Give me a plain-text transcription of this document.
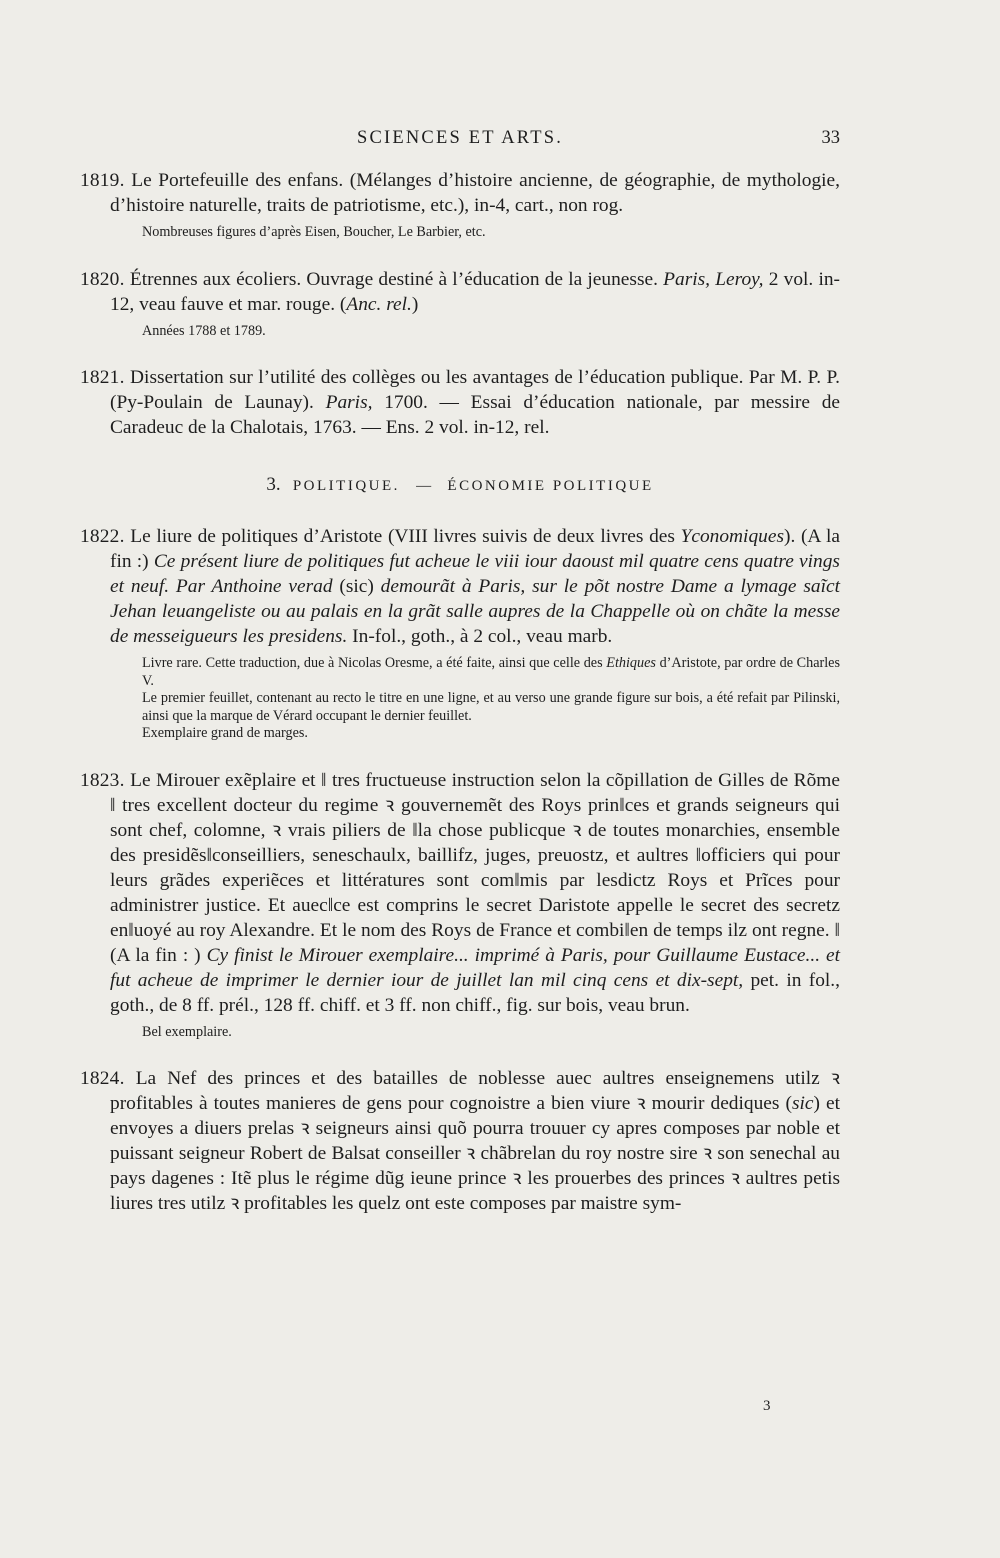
SCIENCES ET ARTS.	33

1819. Le Portefeuille des enfans. (Mélanges d’histoire ancienne, de géographie, de mythologie, d’histoire naturelle, traits de patriotisme, etc.), in-4, cart., non rog.

Nombreuses figures d’après Eisen, Boucher, Le Barbier, etc.

1820. Étrennes aux écoliers. Ouvrage destiné à l’éducation de la jeunesse. Paris, Leroy, 2 vol. in-12, veau fauve et mar. rouge. (Anc. rel.)

Années 1788 et 1789.

1821. Dissertation sur l’utilité des collèges ou les avantages de l’éducation publique. Par M. P. P. (Py-Poulain de Launay). Paris, 1700. — Essai d’éducation nationale, par messire de Caradeuc de la Chalotais, 1763. — Ens. 2 vol. in-12, rel.

3. POLITIQUE. — ÉCONOMIE POLITIQUE

1822. Le liure de politiques d’Aristote (VIII livres suivis de deux livres des Yconomiques). (A la fin :) Ce présent liure de politiques fut acheue le viii iour daoust mil quatre cens quatre vings et neuf. Par Anthoine verad (sic) demourãt à Paris, sur le põt nostre Dame a lymage saĩct Jehan leuangeliste ou au palais en la grãt salle aupres de la Chappelle où on chãte la messe de messeigueurs les presidens. In-fol., goth., à 2 col., veau marb.

Livre rare. Cette traduction, due à Nicolas Oresme, a été faite, ainsi que celle des Ethiques d’Aristote, par ordre de Charles V.

Le premier feuillet, contenant au recto le titre en une ligne, et au verso une grande figure sur bois, a été refait par Pilinski, ainsi que la marque de Vérard occupant le dernier feuillet.

Exemplaire grand de marges.

1823. Le Mirouer exẽplaire et ‖ tres fructueuse instruction selon la cõpillation de Gilles de Rõme ‖ tres excellent docteur du regime ꝛ gouvernemẽt des Roys prin‖ces et grands seigneurs qui sont chef, colomne, ꝛ vrais piliers de ‖la chose publicque ꝛ de toutes monarchies, ensemble des presidẽs‖conseilliers, seneschaulx, baillifz, juges, preuostz, et aultres ‖officiers qui pour leurs grãdes experiẽces et littératures sont com‖mis par lesdictz Roys et Prĩces pour administrer justice. Et auec‖ce est comprins le secret Daristote appelle le secret des secretz en‖uoyé au roy Alexandre. Et le nom des Roys de France et combi‖en de temps ilz ont regne. ‖ (A la fin : ) Cy finist le Mirouer exemplaire... imprimé à Paris, pour Guillaume Eustace... et fut acheue de imprimer le dernier iour de juillet lan mil cinq cens et dix-sept, pet. in fol., goth., de 8 ff. prél., 128 ff. chiff. et 3 ff. non chiff., fig. sur bois, veau brun.

Bel exemplaire.

1824. La Nef des princes et des batailles de noblesse auec aultres enseignemens utilz ꝛ profitables à toutes manieres de gens pour cognoistre a bien viure ꝛ mourir dediques (sic) et envoyes a diuers prelas ꝛ seigneurs ainsi quõ pourra trouuer cy apres composes par noble et puissant seigneur Robert de Balsat conseiller ꝛ chãbrelan du roy nostre sire ꝛ son senechal au pays dagenes : Itẽ plus le régime dũg ieune prince ꝛ les prouerbes des princes ꝛ aultres petis liures tres utilz ꝛ profitables les quelz ont este composes par maistre sym-

3
